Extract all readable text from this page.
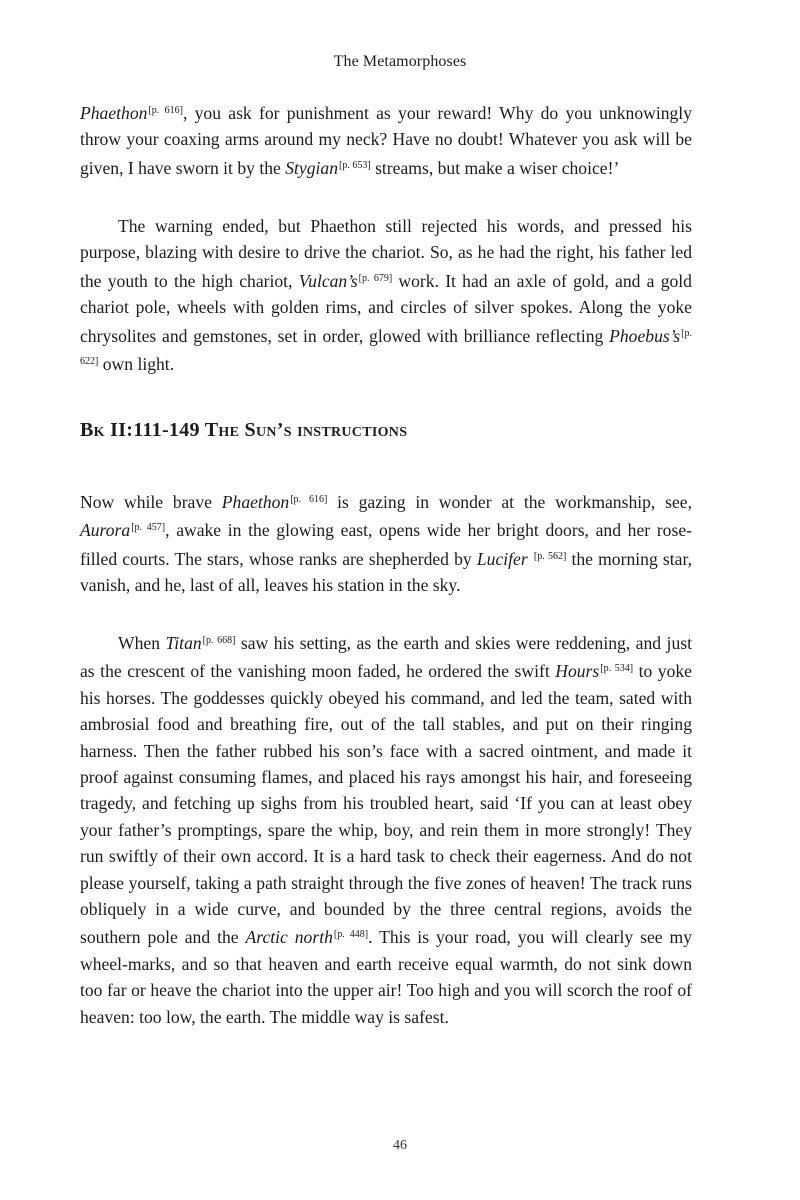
The Metamorphoses

Phaethon[p. 616], you ask for punishment as your reward! Why do you unknowingly throw your coaxing arms around my neck? Have no doubt! Whatever you ask will be given, I have sworn it by the Stygian[p. 653] streams, but make a wiser choice!’

The warning ended, but Phaethon still rejected his words, and pressed his purpose, blazing with desire to drive the chariot. So, as he had the right, his father led the youth to the high chariot, Vulcan’s[p. 679] work. It had an axle of gold, and a gold chariot pole, wheels with golden rims, and circles of silver spokes. Along the yoke chrysolites and gemstones, set in order, glowed with brilliance reflecting Phoebus’s[p. 622] own light.

Bk II:111-149 The Sun’s instructions

Now while brave Phaethon[p. 616] is gazing in wonder at the workmanship, see, Aurora[p. 457], awake in the glowing east, opens wide her bright doors, and her rose-filled courts. The stars, whose ranks are shepherded by Lucifer [p. 562] the morning star, vanish, and he, last of all, leaves his station in the sky.

When Titan[p. 668] saw his setting, as the earth and skies were reddening, and just as the crescent of the vanishing moon faded, he ordered the swift Hours[p. 534] to yoke his horses. The goddesses quickly obeyed his command, and led the team, sated with ambrosial food and breathing fire, out of the tall stables, and put on their ringing harness. Then the father rubbed his son’s face with a sacred ointment, and made it proof against consuming flames, and placed his rays amongst his hair, and foreseeing tragedy, and fetching up sighs from his troubled heart, said ‘If you can at least obey your father’s promptings, spare the whip, boy, and rein them in more strongly! They run swiftly of their own accord. It is a hard task to check their eagerness. And do not please yourself, taking a path straight through the five zones of heaven! The track runs obliquely in a wide curve, and bounded by the three central regions, avoids the southern pole and the Arctic north[p. 448]. This is your road, you will clearly see my wheel-marks, and so that heaven and earth receive equal warmth, do not sink down too far or heave the chariot into the upper air! Too high and you will scorch the roof of heaven: too low, the earth. The middle way is safest.

46
